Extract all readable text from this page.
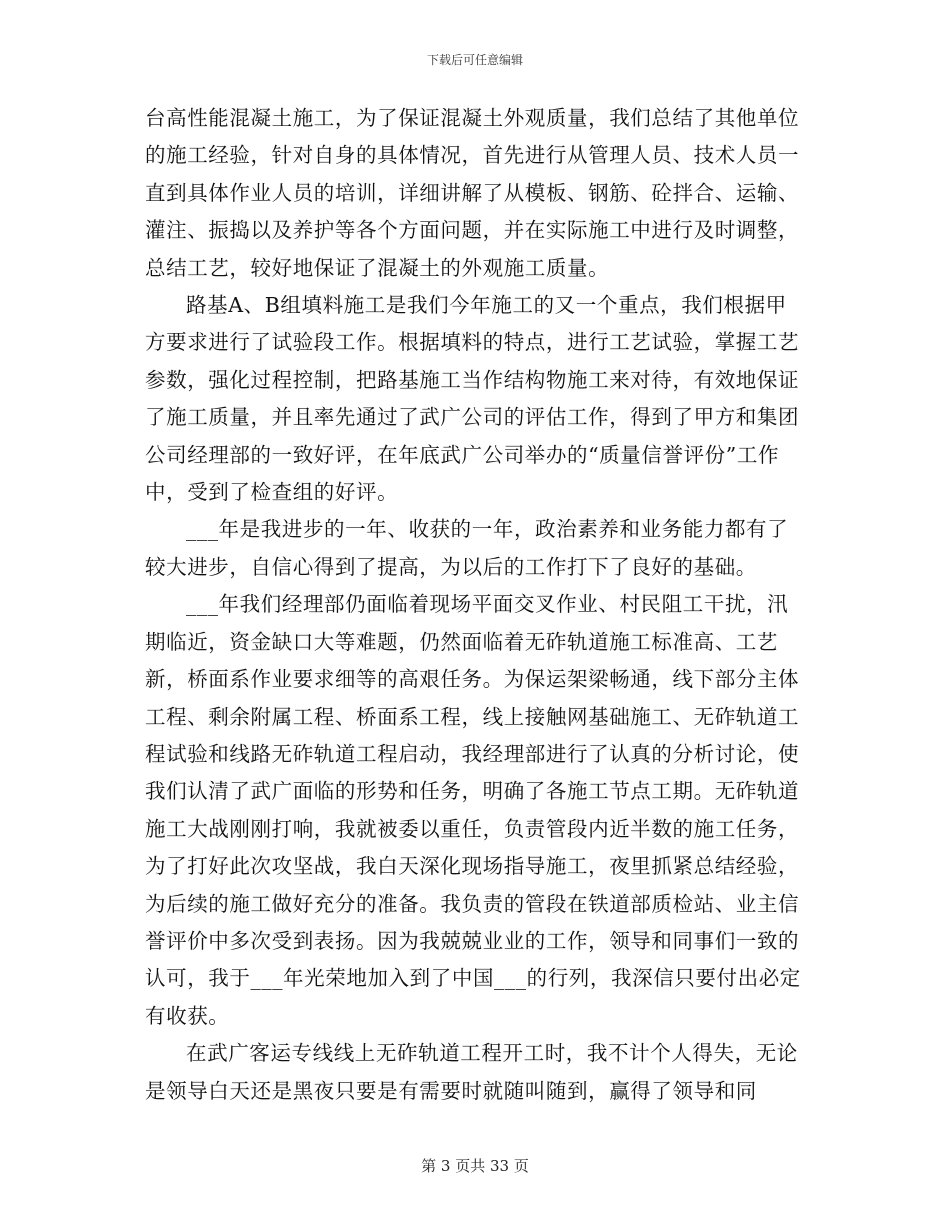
下载后可任意编辑

台高性能混凝土施工，为了保证混凝土外观质量，我们总结了其他单位的施工经验，针对自身的具体情况，首先进行从管理人员、技术人员一直到具体作业人员的培训，详细讲解了从模板、钢筋、砼拌合、运输、灌注、振捣以及养护等各个方面问题，并在实际施工中进行及时调整，总结工艺，较好地保证了混凝土的外观施工质量。

路基A、B组填料施工是我们今年施工的又一个重点，我们根据甲方要求进行了试验段工作。根据填料的特点，进行工艺试验，掌握工艺参数，强化过程控制，把路基施工当作结构物施工来对待，有效地保证了施工质量，并且率先通过了武广公司的评估工作，得到了甲方和集团公司经理部的一致好评，在年底武广公司举办的“质量信誉评份”工作中，受到了检查组的好评。

___年是我进步的一年、收获的一年，政治素养和业务能力都有了较大进步，自信心得到了提高，为以后的工作打下了良好的基础。

___年我们经理部仍面临着现场平面交叉作业、村民阻工干扰，汛期临近，资金缺口大等难题，仍然面临着无砟轨道施工标准高、工艺新，桥面系作业要求细等的高艰任务。为保运架梁畅通，线下部分主体工程、剩余附属工程、桥面系工程，线上接触网基础施工、无砟轨道工程试验和线路无砟轨道工程启动，我经理部进行了认真的分析讨论，使我们认清了武广面临的形势和任务，明确了各施工节点工期。无砟轨道施工大战刚刚打响，我就被委以重任，负责管段内近半数的施工任务，为了打好此次攻坚战，我白天深化现场指导施工，夜里抓紧总结经验，为后续的施工做好充分的准备。我负责的管段在铁道部质检站、业主信誉评价中多次受到表扬。因为我兢兢业业的工作，领导和同事们一致的认可，我于___年光荣地加入到了中国___的行列，我深信只要付出必定有收获。

在武广客运专线线上无砟轨道工程开工时，我不计个人得失，无论是领导白天还是黑夜只要是有需要时就随叫随到，赢得了领导和同

第 3 页共 33 页
